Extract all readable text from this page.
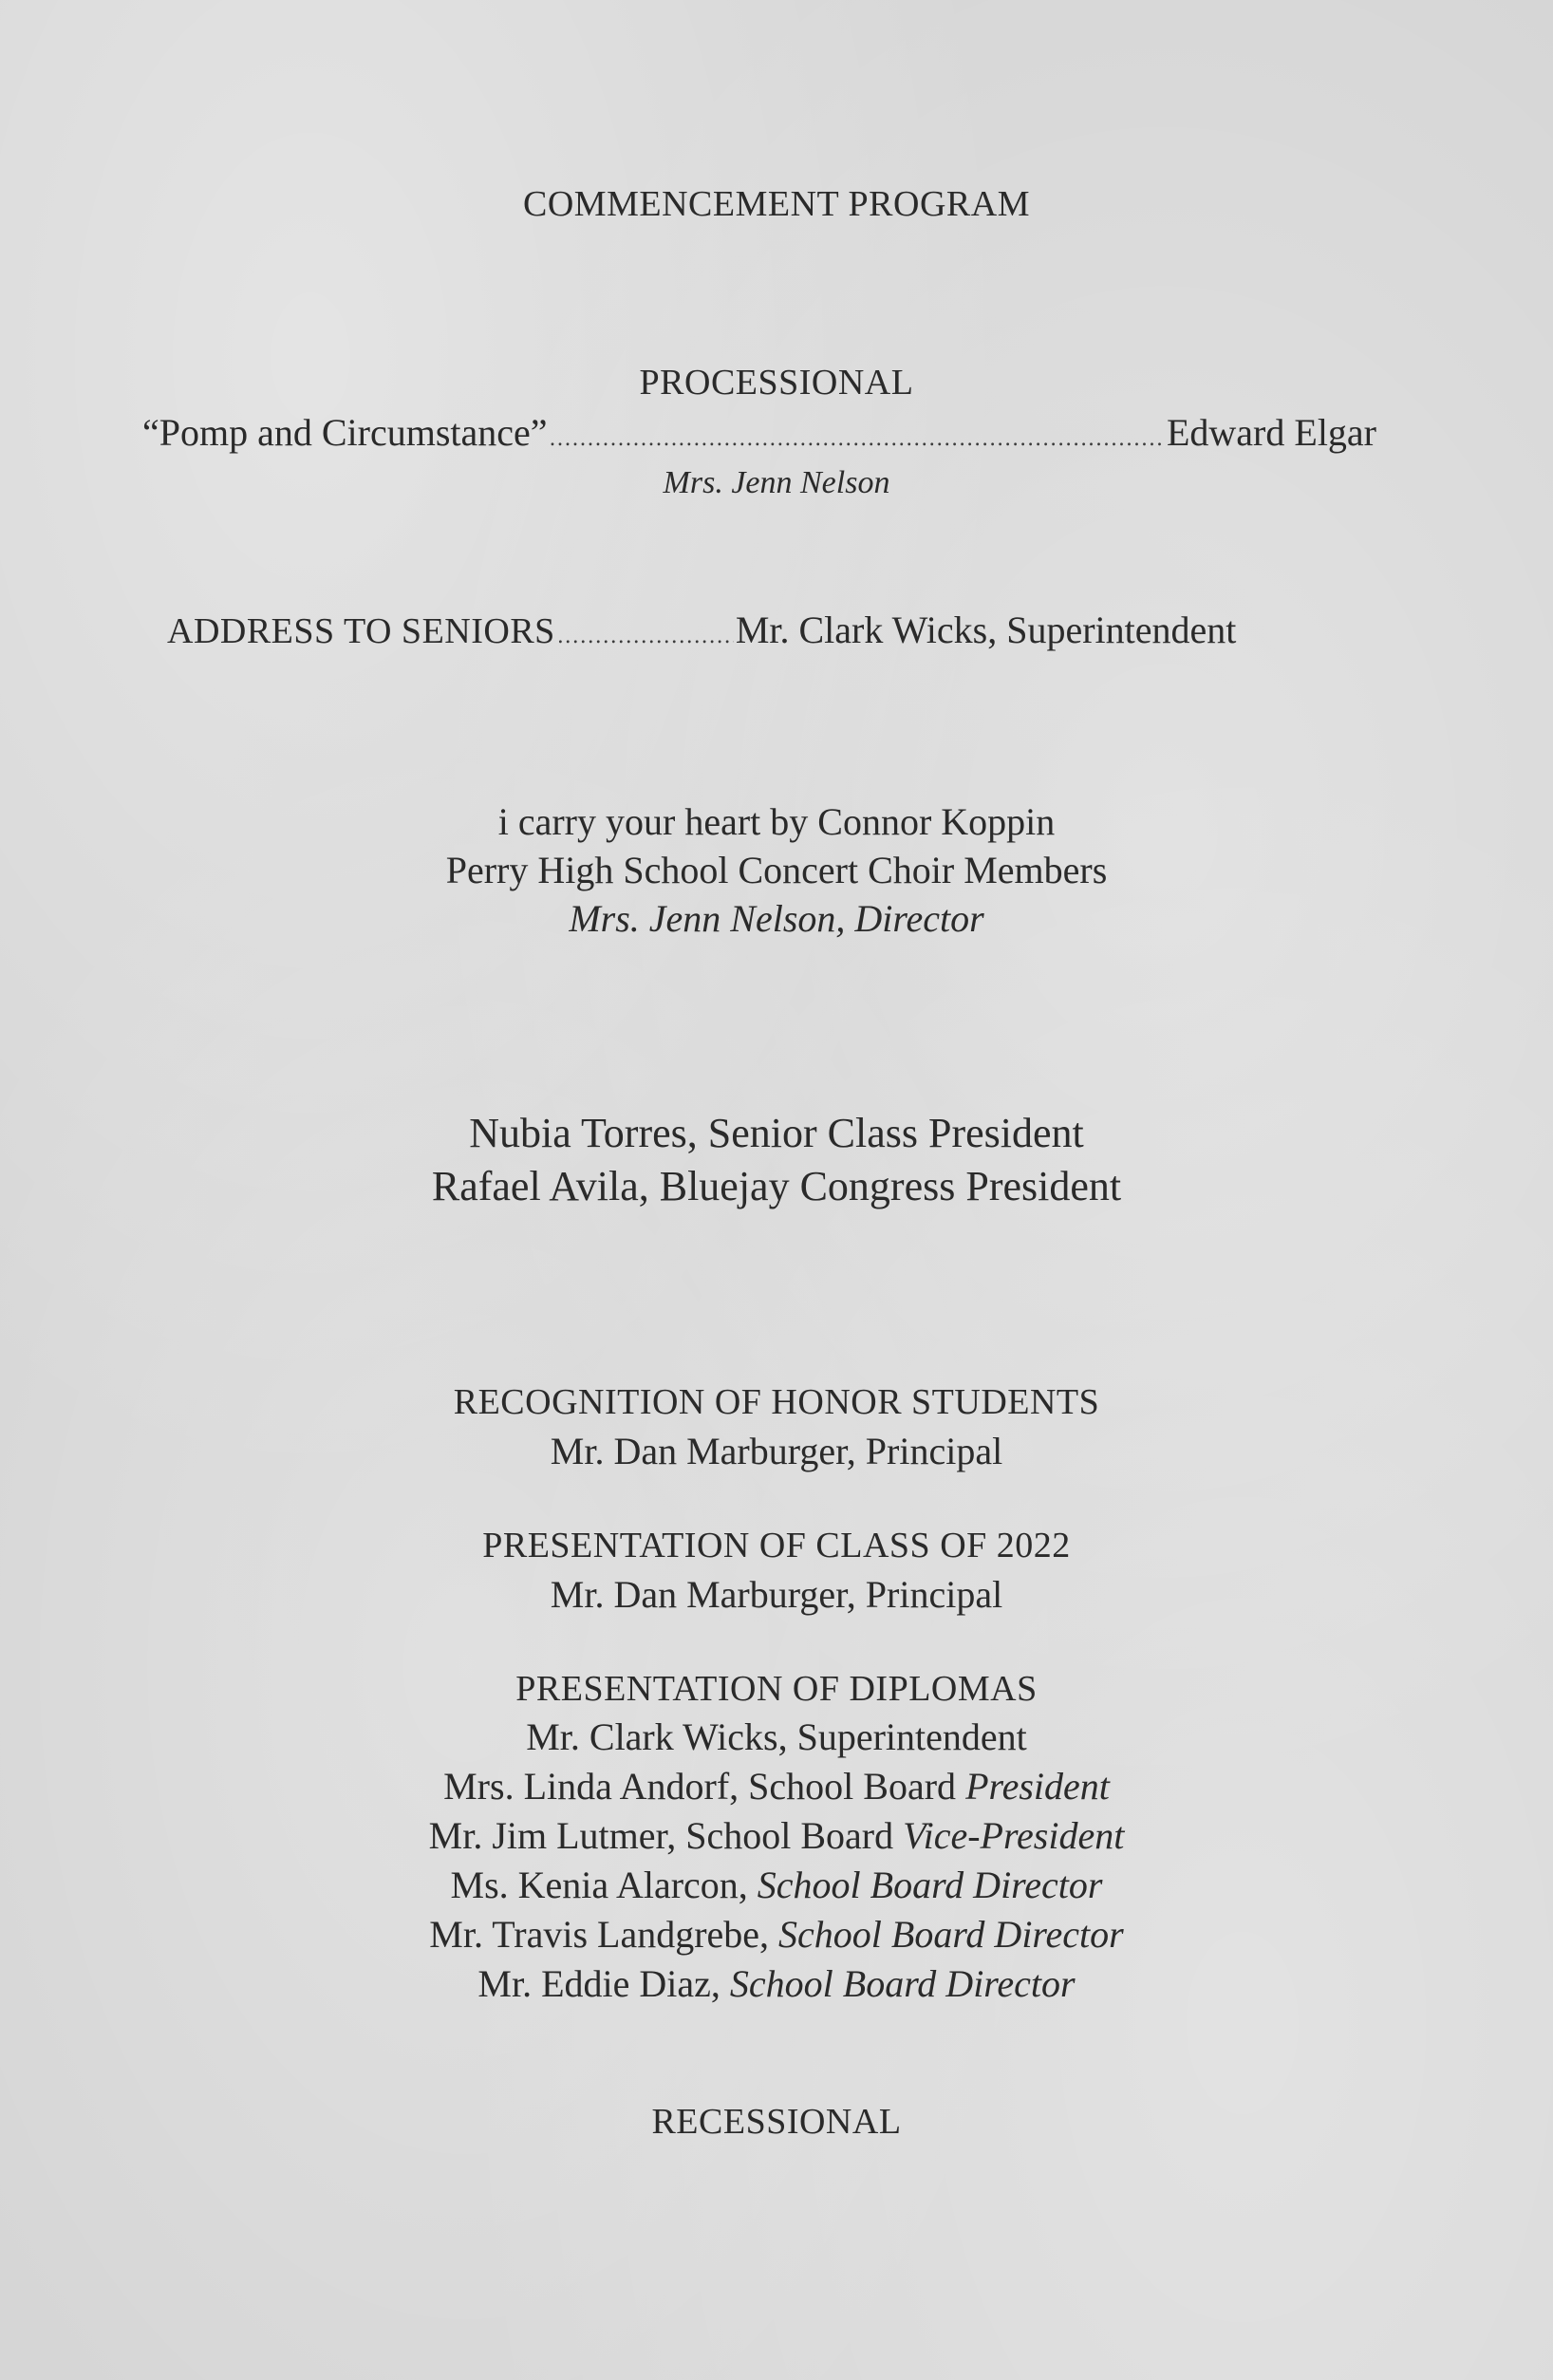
COMMENCEMENT PROGRAM
PROCESSIONAL
“Pomp and Circumstance” .....	Edward Elgar
Mrs. Jenn Nelson
ADDRESS TO SENIORS .....	Mr. Clark Wicks, Superintendent
i carry your heart by Connor Koppin
Perry High School Concert Choir Members
Mrs. Jenn Nelson, Director
Nubia Torres, Senior Class President
Rafael Avila, Bluejay Congress President
RECOGNITION OF HONOR STUDENTS
Mr. Dan Marburger, Principal
PRESENTATION OF CLASS OF 2022
Mr. Dan Marburger, Principal
PRESENTATION OF DIPLOMAS
Mr. Clark Wicks, Superintendent
Mrs. Linda Andorf, School Board President
Mr. Jim Lutmer, School Board Vice-President
Ms. Kenia Alarcon, School Board Director
Mr. Travis Landgrebe, School Board Director
Mr. Eddie Diaz, School Board Director
RECESSIONAL
